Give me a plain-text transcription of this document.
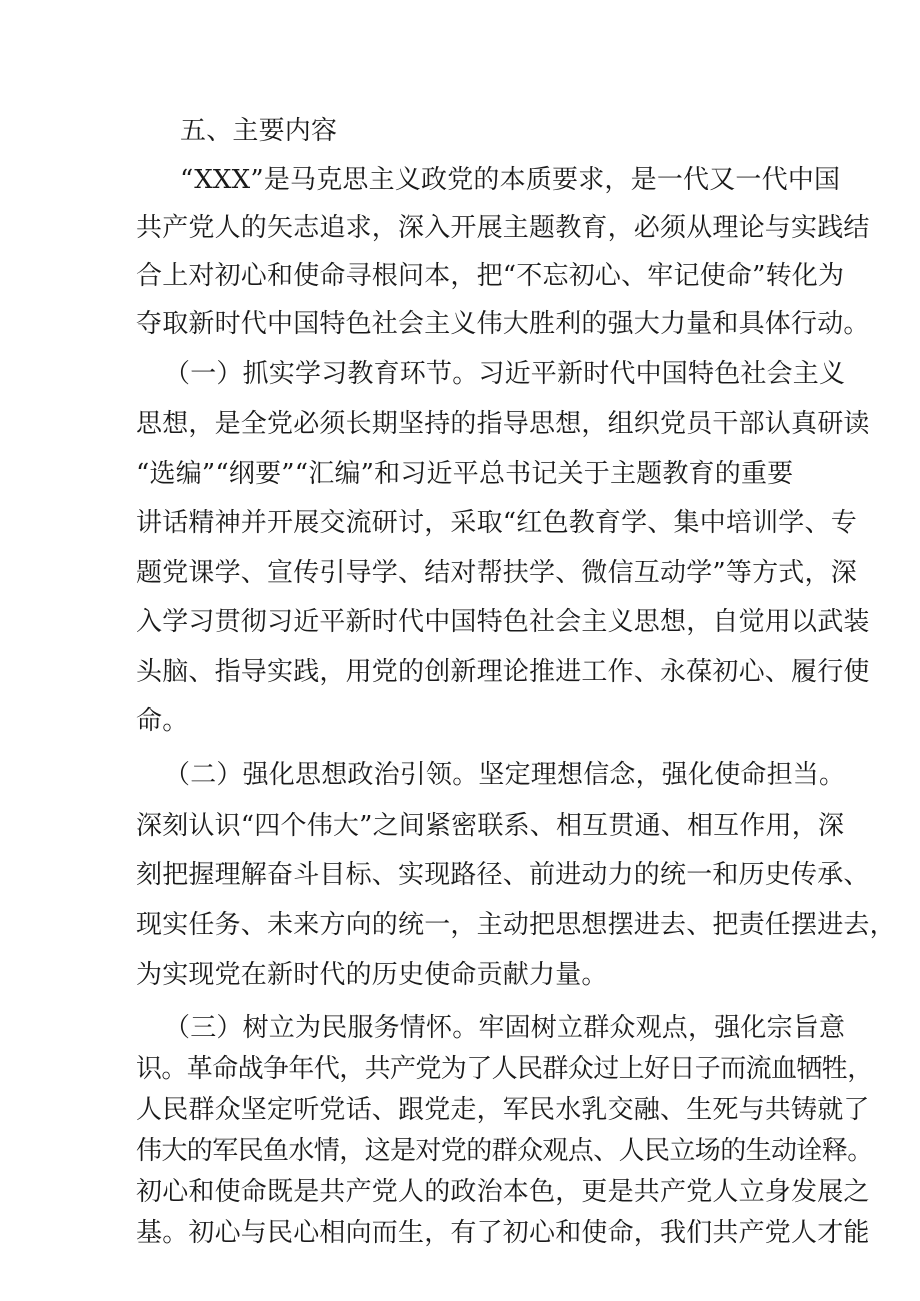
五、主要内容
“XXX”是马克思主义政党的本质要求，是一代又一代中国
共产党人的矢志追求，深入开展主题教育，必须从理论与实践结
合上对初心和使命寻根问本，把“不忘初心、牢记使命”转化为
夺取新时代中国特色社会主义伟大胜利的强大力量和具体行动。
（一）抓实学习教育环节。习近平新时代中国特色社会主义
思想，是全党必须长期坚持的指导思想，组织党员干部认真研读
“选编”“纲要”“汇编”和习近平总书记关于主题教育的重要
讲话精神并开展交流研讨，采取“红色教育学、集中培训学、专
题党课学、宣传引导学、结对帮扶学、微信互动学”等方式，深
入学习贯彻习近平新时代中国特色社会主义思想，自觉用以武装
头脑、指导实践，用党的创新理论推进工作、永葆初心、履行使
命。
（二）强化思想政治引领。坚定理想信念，强化使命担当。
深刻认识“四个伟大”之间紧密联系、相互贯通、相互作用，深
刻把握理解奋斗目标、实现路径、前进动力的统一和历史传承、
现实任务、未来方向的统一，主动把思想摆进去、把责任摆进去，
为实现党在新时代的历史使命贡献力量。
（三）树立为民服务情怀。牢固树立群众观点，强化宗旨意
识。革命战争年代，共产党为了人民群众过上好日子而流血牺牲，
人民群众坚定听党话、跟党走，军民水乳交融、生死与共铸就了
伟大的军民鱼水情，这是对党的群众观点、人民立场的生动诠释。
初心和使命既是共产党人的政治本色，更是共产党人立身发展之
基。初心与民心相向而生，有了初心和使命，我们共产党人才能
